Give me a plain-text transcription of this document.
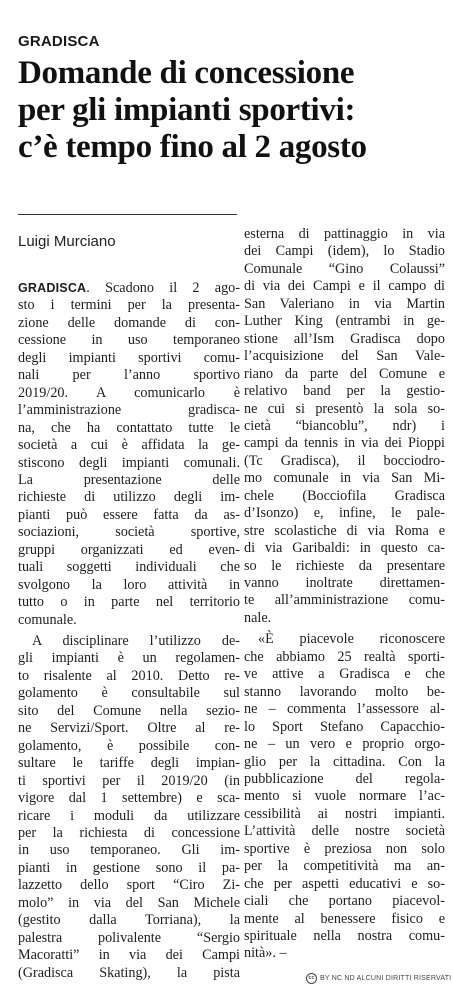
GRADISCA
Domande di concessione
per gli impianti sportivi:
c’è tempo fino al 2 agosto
Luigi Murciano
GRADISCA. Scadono il 2 ago-
sto i termini per la presenta-
zione delle domande di con-
cessione in uso temporaneo
degli impianti sportivi comu-
nali per l’anno sportivo
2019/20. A comunicarlo è
l’amministrazione gradisca-
na, che ha contattato tutte le
società a cui è affidata la ge-
stiscono degli impianti comunali.
La presentazione delle
richieste di utilizzo degli im-
pianti può essere fatta da as-
sociazioni, società sportive,
gruppi organizzati ed even-
tuali soggetti individuali che
svolgono la loro attività in
tutto o in parte nel territorio
comunale.
A disciplinare l’utilizzo de-
gli impianti è un regolamen-
to risalente al 2010. Detto re-
golamento è consultabile sul
sito del Comune nella sezio-
ne Servizi/Sport. Oltre al re-
golamento, è possibile con-
sultare le tariffe degli impian-
ti sportivi per il 2019/20 (in
vigore dal 1 settembre) e sca-
ricare i moduli da utilizzare
per la richiesta di concessione
in uso temporaneo. Gli im-
pianti in gestione sono il pa-
lazzetto dello sport “Ciro Zi-
molo” in via del San Michele
(gestito dalla Torriana), la
palestra polivalente “Sergio
Macoratti” in via dei Campi
(Gradisca Skating), la pista
esterna di pattinaggio in via
dei Campi (idem), lo Stadio
Comunale “Gino Colaussi”
di via dei Campi e il campo di
San Valeriano in via Martin
Luther King (entrambi in ge-
stione all’Ism Gradisca dopo
l’acquisizione del San Vale-
riano da parte del Comune e
relativo band per la gestio-
ne cui si presentò la sola so-
cietà “biancoblu”, ndr) i
campi da tennis in via dei Pioppi
(Tc Gradisca), il bocciodro-
mo comunale in via San Mi-
chele (Bocciofila Gradisca
d’Isonzo) e, infine, le pale-
stre scolastiche di via Roma e
di via Garibaldi: in questo ca-
so le richieste da presentare
vanno inoltrate direttamen-
te all’amministrazione comu-
nale.
«È piacevole riconoscere
che abbiamo 25 realtà sporti-
ve attive a Gradisca e che
stanno lavorando molto be-
ne – commenta l’assessore al-
lo Sport Stefano Capacchio-
ne – un vero e proprio orgo-
glio per la cittadina. Con la
pubblicazione del regola-
mento si vuole normare l’ac-
cessibilità ai nostri impianti.
L’attività delle nostre società
sportive è preziosa non solo
per la competitività ma an-
che per aspetti educativi e so-
ciali che portano piacevol-
mente al benessere fisico e
spirituale nella nostra comu-
nità». –
cc BY NC ND ALCUNI DIRITTI RISERVATI
